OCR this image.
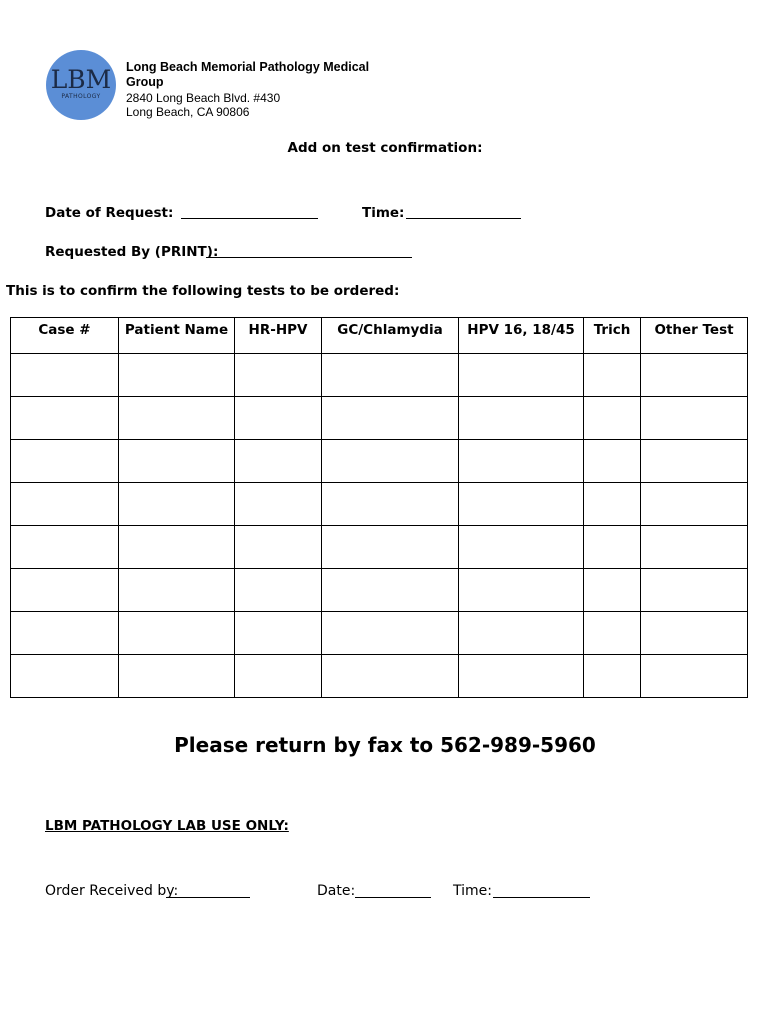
LBM
PATHOLOGY
Long Beach Memorial Pathology Medical Group
2840 Long Beach Blvd. #430
Long Beach, CA 90806
Add on test confirmation:
Date of Request:	Time:
Requested By (PRINT):
This is to confirm the following tests to be ordered:
Case #	Patient Name	HR-HPV	GC/Chlamydia	HPV 16, 18/45	Trich	Other Test

Please return by fax to 562-989-5960
LBM PATHOLOGY LAB USE ONLY:
Order Received by:	Date:	Time:
